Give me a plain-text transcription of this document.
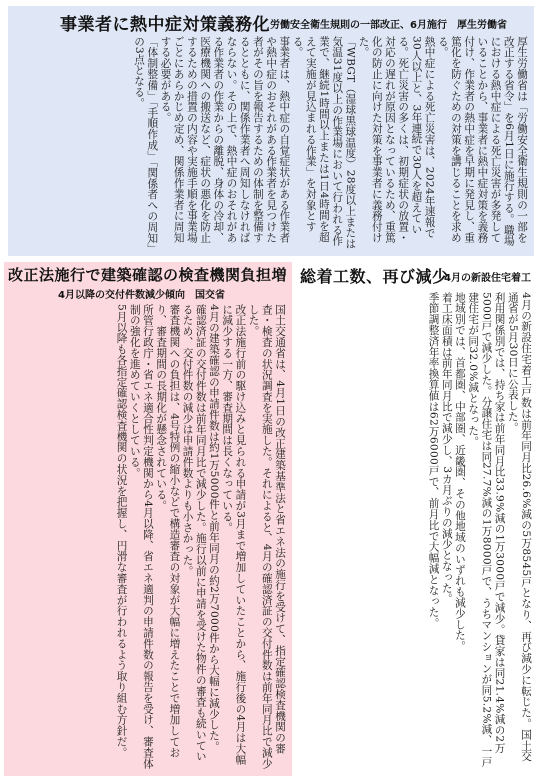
事業者に熱中症対策義務化 労働安全衛生規則の一部改正、6月施行　厚生労働省
厚生労働省は「労働安全衛生規則の一部を改正する省令」を6月1日に施行する。職場における熱中症による死亡災害が多発していることから、事業者に熱中症対策を義務付け、作業者の熱中症を早期に発見し、重篤化を防ぐための対策を講じることを求める。
熱中症による死亡災害は、2024年速報で30人以上と、3年連続で30人を超えている。死亡災害の多くは、初期症状の放置・対応の遅れが原因となっているため、重篤化の防止に向けた対策を事業者に義務付けた。
「WBGT（湿球黒球温度）28度以上または気温31度以上の作業場において行われる作業で、継続1時間以上または1日4時間を超えて実施が見込まれる作業」を対象とする。
事業者は、熱中症の自覚症状がある作業者や熱中症のおそれがある作業者を見つけた者がその旨を報告するための体制を整備するとともに、関係作業者へ周知しなければならない。その上で、熱中症のおそれがある作業者の作業からの離脱、身体の冷却、医療機関への搬送など、症状の悪化を防止するための措置の内容や実施手順を事業場ごとにあらかじめ定め、関係作業者に周知する必要がある。
「体制整備」「手順作成」「関係者への周知」の3点となる。
改正法施行で建築確認の検査機関負担増
4月以降の交付件数減少傾向　国交省
国土交通省は、4月1日の改正建築基準法と省エネ法の施行を受けて、指定確認検査機関の審査・検査の状況調査を実施した。それによると、4月の確認済証の交付件数は前年同月比で減少した。
改正法施行前の駆け込みと見られる申請が3月まで増加していたことから、施行後の4月は大幅に減少する一方、審査期間は長くなっている。
4月の建築確認の申請件数は約1万5000件と前年同月の約2万7000件から大幅に減少した。
確認済証の交付件数は前年同月比で減少した。施行以前に申請を受けた物件の審査も続いているため、交付件数の減少は申請件数よりも小さかった。
審査機関への負担は、4号特例の縮小などで構造審査の対象が大幅に増えたことで増加しており、審査期間の長期化が懸念されている。
所管行政庁・省エネ適合性判定機関から4月以降、省エネ適判の申請件数の報告を受け、審査体制の強化を進めていくとしている。
5月以降も各指定確認検査機関の状況を把握し、円滑な審査が行われるよう取り組む方針だ。
総着工数、再び減少
4月の新設住宅着工
4月の新設住宅着工戸数は前年同月比26.6%減の5万8545戸となり、再び減少に転じた。国土交通省が5月30日に公表した。
利用関係別では、持ち家は前年同月比33.9%減の1万3000戸で減少。貸家は同21.4%減の2万5000戸で減少した。分譲住宅は同27.7%減の1万8000戸で、うちマンションが同5.2%減、一戸建住宅が同32.0%減となった。
地域別では、首都圏、中部圏、近畿圏、その他地域のいずれも減少した。
着工床面積は前年同月比で減少し、3カ月ぶりの減少となった。
季節調整済年率換算値は62万6000戸で、前月比で大幅減となった。
